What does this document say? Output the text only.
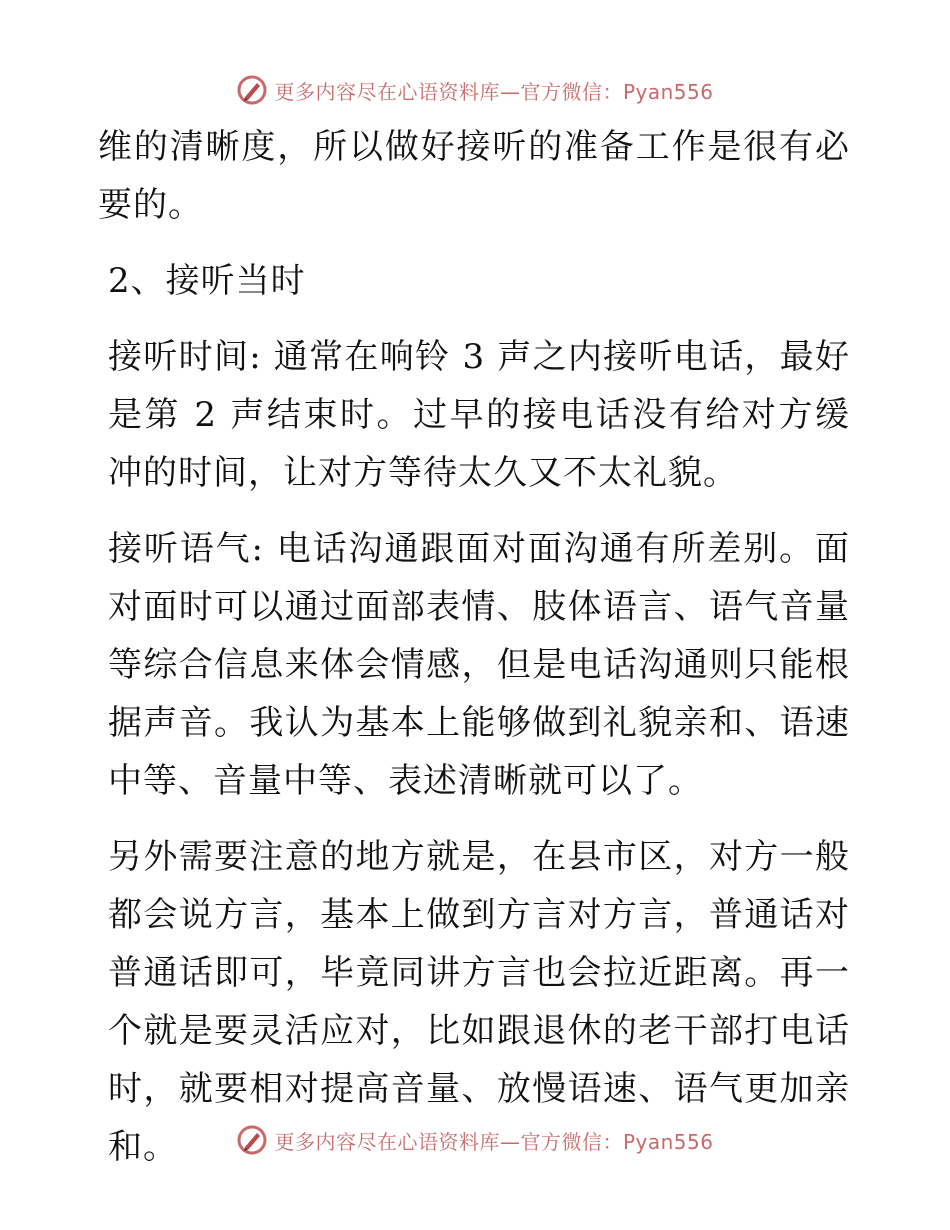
更多内容尽在心语资料库—官方微信：Pyan556

维的清晰度，所以做好接听的准备工作是很有必要的。

2、接听当时

接听时间: 通常在响铃 3 声之内接听电话，最好是第 2 声结束时。过早的接电话没有给对方缓冲的时间，让对方等待太久又不太礼貌。

接听语气: 电话沟通跟面对面沟通有所差别。面对面时可以通过面部表情、肢体语言、语气音量等综合信息来体会情感，但是电话沟通则只能根据声音。我认为基本上能够做到礼貌亲和、语速中等、音量中等、表述清晰就可以了。

另外需要注意的地方就是，在县市区，对方一般都会说方言，基本上做到方言对方言，普通话对普通话即可，毕竟同讲方言也会拉近距离。再一个就是要灵活应对，比如跟退休的老干部打电话时，就要相对提高音量、放慢语速、语气更加亲和。	更多内容尽在心语资料库—官方微信：Pyan556
